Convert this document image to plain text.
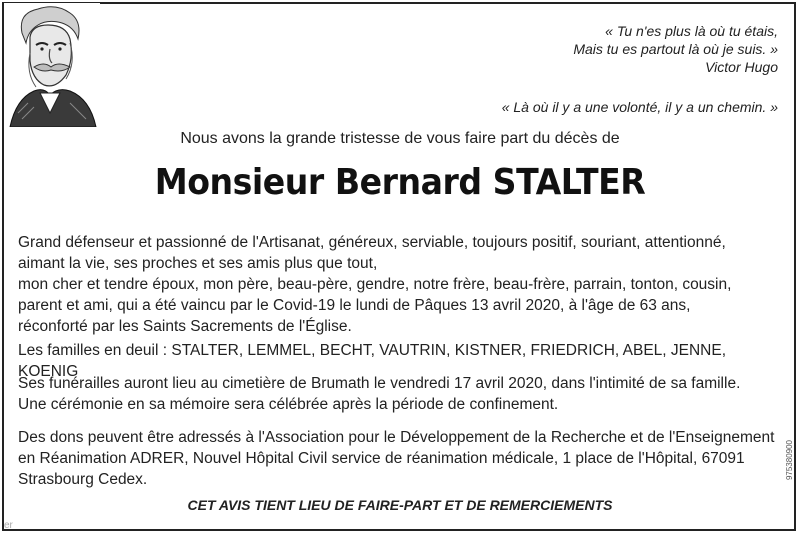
« Tu n'es plus là où tu étais,
Mais tu es partout là où je suis. »
Victor Hugo
« Là où il y a une volonté, il y a un chemin. »
Nous avons la grande tristesse de vous faire part du décès de
Monsieur Bernard STALTER
Grand défenseur et passionné de l'Artisanat, généreux, serviable, toujours positif, souriant, attentionné,
aimant la vie, ses proches et ses amis plus que tout,
mon cher et tendre époux, mon père, beau-père, gendre, notre frère, beau-frère, parrain, tonton, cousin,
parent et ami, qui a été vaincu par le Covid-19 le lundi de Pâques 13 avril 2020, à l'âge de 63 ans,
réconforté par les Saints Sacrements de l'Église.
Les familles en deuil : STALTER, LEMMEL, BECHT, VAUTRIN, KISTNER, FRIEDRICH, ABEL, JENNE, KOENIG
Ses funérailles auront lieu au cimetière de Brumath le vendredi 17 avril 2020, dans l'intimité de sa famille.
Une cérémonie en sa mémoire sera célébrée après la période de confinement.
Des dons peuvent être adressés à l'Association pour le Développement de la Recherche et de l'Enseignement
en Réanimation ADRER, Nouvel Hôpital Civil service de réanimation médicale, 1 place de l'Hôpital, 67091
Strasbourg Cedex.
CET AVIS TIENT LIEU DE FAIRE-PART ET DE REMERCIEMENTS
975380900
er
